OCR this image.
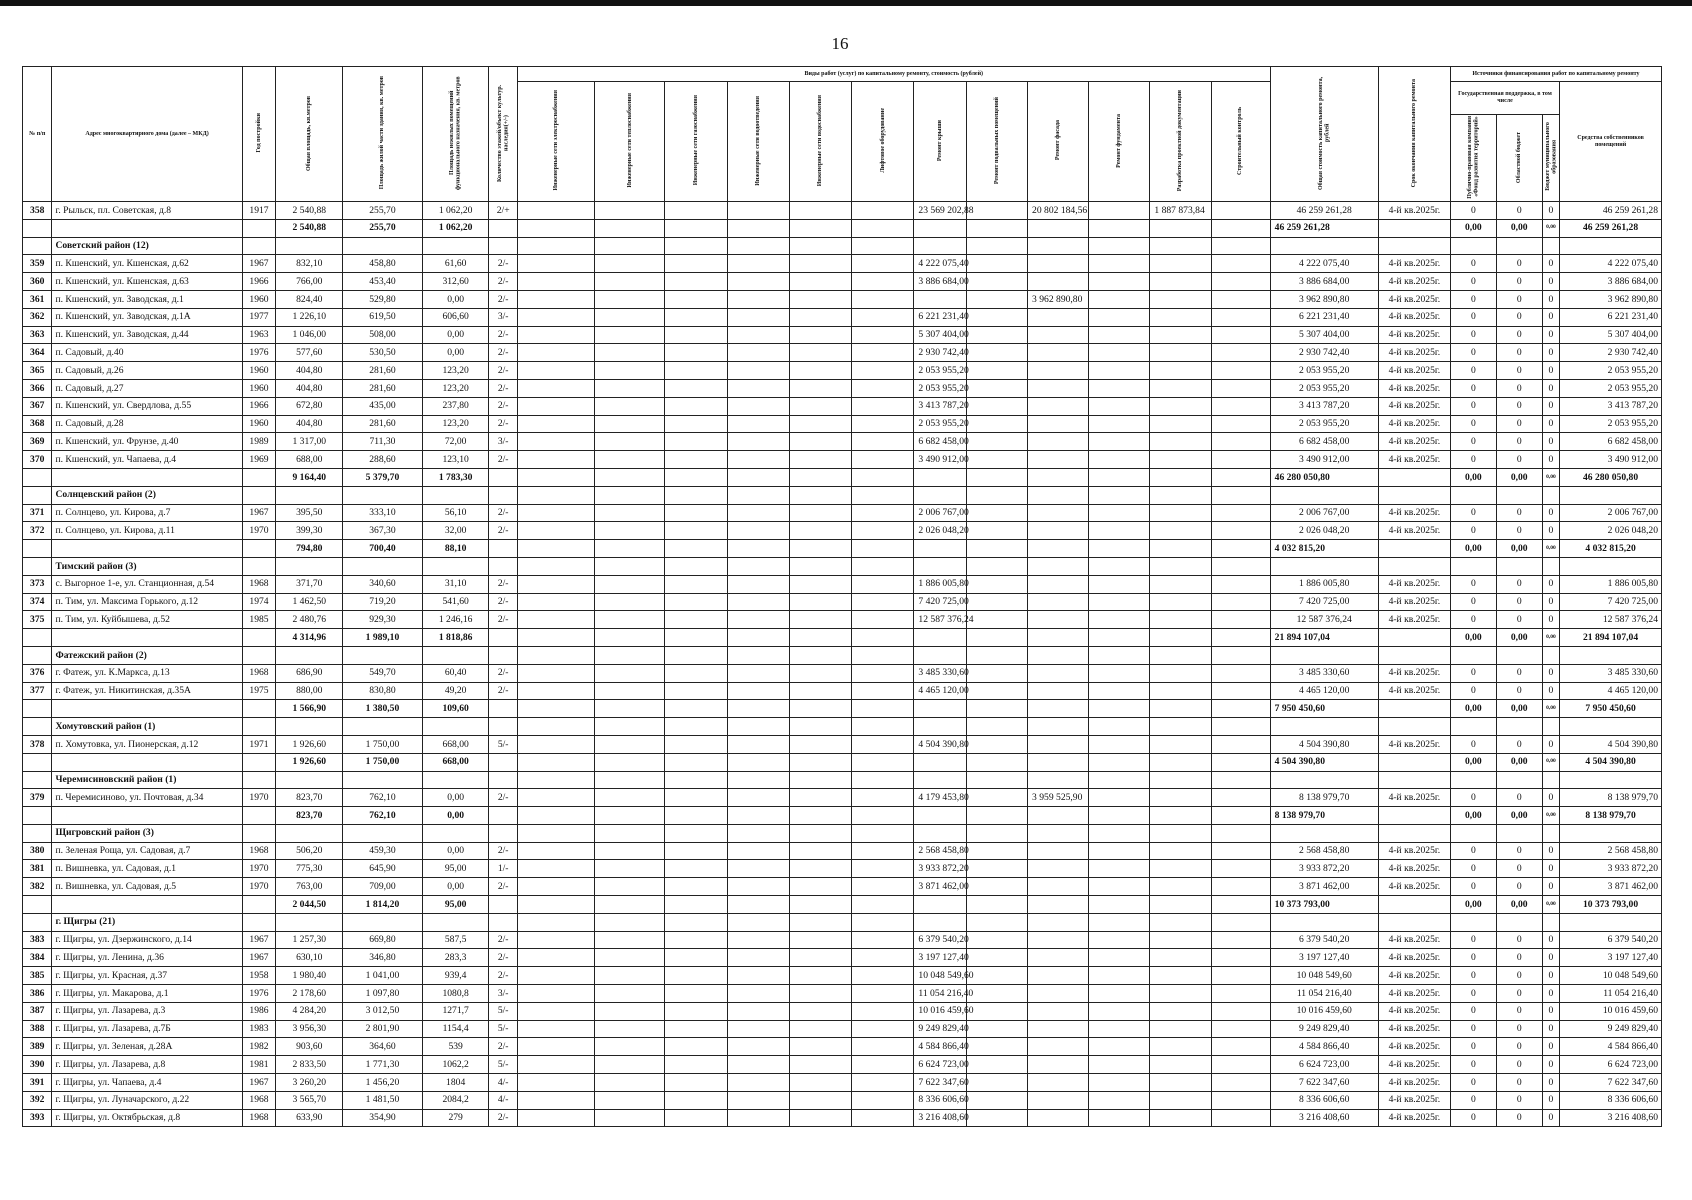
16
№ п/п	Адрес многоквартирного дома (далее – МКД)	Год постройки	Общая площадь, кв.метров	Площадь жилой части здания, кв. метров	Площадь нежилых помещений функционального назначения, кв. метров	Количество этажей/объект культур. наследия(+/-)	Виды работ (услуг) по капитальному ремонту, стоимость (рублей)												Общая стоимость капитального ремонта, рублей	Срок окончания капитального ремонта	Источники финансирования работ по капитальному ремонту			
							Инженерные сети электроснабжения	Инженерные сети теплоснабжения	Инженерные сети газоснабжения	Инженерные сети водоотведения	Инженерные сети водоснабжения	Лифтовое оборудование	Ремонт крыши	Ремонт подвальных помещений	Ремонт фасада	Ремонт фундамента	Разработка проектной документации	Строительный контроль			Государственная поддержка, в том числе			Средства собственников помещений
																					Публично-правовая компания «Фонд развития территорий»	Областной бюджет	Бюджет муниципального образования	
358	г. Рыльск, пл. Советская, д.8	1917	2 540,88	255,70	1 062,20	2/+							23 569 202,88		20 802 184,56		1 887 873,84		46 259 261,28	4-й кв.2025г.	0	0	0	46 259 261,28
			2 540,88	255,70	1 062,20														46 259 261,28		0,00	0,00	0,00	46 259 261,28
	Советский район (12)																							
359	п. Кшенский, ул. Кшенская, д.62	1967	832,10	458,80	61,60	2/-							4 222 075,40						4 222 075,40	4-й кв.2025г.	0	0	0	4 222 075,40
360	п. Кшенский, ул. Кшенская, д.63	1966	766,00	453,40	312,60	2/-							3 886 684,00						3 886 684,00	4-й кв.2025г.	0	0	0	3 886 684,00
361	п. Кшенский, ул. Заводская, д.1	1960	824,40	529,80	0,00	2/-									3 962 890,80				3 962 890,80	4-й кв.2025г.	0	0	0	3 962 890,80
362	п. Кшенский, ул. Заводская, д.1А	1977	1 226,10	619,50	606,60	3/-							6 221 231,40						6 221 231,40	4-й кв.2025г.	0	0	0	6 221 231,40
363	п. Кшенский, ул. Заводская, д.44	1963	1 046,00	508,00	0,00	2/-							5 307 404,00						5 307 404,00	4-й кв.2025г.	0	0	0	5 307 404,00
364	п. Садовый, д.40	1976	577,60	530,50	0,00	2/-							2 930 742,40						2 930 742,40	4-й кв.2025г.	0	0	0	2 930 742,40
365	п. Садовый, д.26	1960	404,80	281,60	123,20	2/-							2 053 955,20						2 053 955,20	4-й кв.2025г.	0	0	0	2 053 955,20
366	п. Садовый, д.27	1960	404,80	281,60	123,20	2/-							2 053 955,20						2 053 955,20	4-й кв.2025г.	0	0	0	2 053 955,20
367	п. Кшенский, ул. Свердлова, д.55	1966	672,80	435,00	237,80	2/-							3 413 787,20						3 413 787,20	4-й кв.2025г.	0	0	0	3 413 787,20
368	п. Садовый, д.28	1960	404,80	281,60	123,20	2/-							2 053 955,20						2 053 955,20	4-й кв.2025г.	0	0	0	2 053 955,20
369	п. Кшенский, ул. Фрунзе, д.40	1989	1 317,00	711,30	72,00	3/-							6 682 458,00						6 682 458,00	4-й кв.2025г.	0	0	0	6 682 458,00
370	п. Кшенский, ул. Чапаева, д.4	1969	688,00	288,60	123,10	2/-							3 490 912,00						3 490 912,00	4-й кв.2025г.	0	0	0	3 490 912,00
			9 164,40	5 379,70	1 783,30														46 280 050,80		0,00	0,00	0,00	46 280 050,80
	Солнцевский район (2)																							
371	п. Солнцево, ул. Кирова, д.7	1967	395,50	333,10	56,10	2/-							2 006 767,00						2 006 767,00	4-й кв.2025г.	0	0	0	2 006 767,00
372	п. Солнцево, ул. Кирова, д.11	1970	399,30	367,30	32,00	2/-							2 026 048,20						2 026 048,20	4-й кв.2025г.	0	0	0	2 026 048,20
			794,80	700,40	88,10														4 032 815,20		0,00	0,00	0,00	4 032 815,20
	Тимский район (3)																							
373	с. Выгорное 1-е, ул. Станционная, д.54	1968	371,70	340,60	31,10	2/-							1 886 005,80						1 886 005,80	4-й кв.2025г.	0	0	0	1 886 005,80
374	п. Тим, ул. Максима Горького, д.12	1974	1 462,50	719,20	541,60	2/-							7 420 725,00						7 420 725,00	4-й кв.2025г.	0	0	0	7 420 725,00
375	п. Тим, ул. Куйбышева, д.52	1985	2 480,76	929,30	1 246,16	2/-							12 587 376,24						12 587 376,24	4-й кв.2025г.	0	0	0	12 587 376,24
			4 314,96	1 989,10	1 818,86														21 894 107,04		0,00	0,00	0,00	21 894 107,04
	Фатежский район (2)																							
376	г. Фатеж, ул. К.Маркса, д.13	1968	686,90	549,70	60,40	2/-							3 485 330,60						3 485 330,60	4-й кв.2025г.	0	0	0	3 485 330,60
377	г. Фатеж, ул. Никитинская, д.35А	1975	880,00	830,80	49,20	2/-							4 465 120,00						4 465 120,00	4-й кв.2025г.	0	0	0	4 465 120,00
			1 566,90	1 380,50	109,60														7 950 450,60		0,00	0,00	0,00	7 950 450,60
	Хомутовский район (1)																							
378	п. Хомутовка, ул. Пионерская, д.12	1971	1 926,60	1 750,00	668,00	5/-							4 504 390,80						4 504 390,80	4-й кв.2025г.	0	0	0	4 504 390,80
			1 926,60	1 750,00	668,00														4 504 390,80		0,00	0,00	0,00	4 504 390,80
	Черемисиновский район (1)																							
379	п. Черемисиново, ул. Почтовая, д.34	1970	823,70	762,10	0,00	2/-							4 179 453,80		3 959 525,90				8 138 979,70	4-й кв.2025г.	0	0	0	8 138 979,70
			823,70	762,10	0,00														8 138 979,70		0,00	0,00	0,00	8 138 979,70
	Щигровский район (3)																							
380	п. Зеленая Роща, ул. Садовая, д.7	1968	506,20	459,30	0,00	2/-							2 568 458,80						2 568 458,80	4-й кв.2025г.	0	0	0	2 568 458,80
381	п. Вишневка, ул. Садовая, д.1	1970	775,30	645,90	95,00	1/-							3 933 872,20						3 933 872,20	4-й кв.2025г.	0	0	0	3 933 872,20
382	п. Вишневка, ул. Садовая, д.5	1970	763,00	709,00	0,00	2/-							3 871 462,00						3 871 462,00	4-й кв.2025г.	0	0	0	3 871 462,00
			2 044,50	1 814,20	95,00														10 373 793,00		0,00	0,00	0,00	10 373 793,00
	г. Щигры (21)																							
383	г. Щигры, ул. Дзержинского, д.14	1967	1 257,30	669,80	587,5	2/-							6 379 540,20						6 379 540,20	4-й кв.2025г.	0	0	0	6 379 540,20
384	г. Щигры, ул. Ленина, д.36	1967	630,10	346,80	283,3	2/-							3 197 127,40						3 197 127,40	4-й кв.2025г.	0	0	0	3 197 127,40
385	г. Щигры, ул. Красная, д.37	1958	1 980,40	1 041,00	939,4	2/-							10 048 549,60						10 048 549,60	4-й кв.2025г.	0	0	0	10 048 549,60
386	г. Щигры, ул. Макарова, д.1	1976	2 178,60	1 097,80	1080,8	3/-							11 054 216,40						11 054 216,40	4-й кв.2025г.	0	0	0	11 054 216,40
387	г. Щигры, ул. Лазарева, д.3	1986	4 284,20	3 012,50	1271,7	5/-							10 016 459,60						10 016 459,60	4-й кв.2025г.	0	0	0	10 016 459,60
388	г. Щигры, ул. Лазарева, д.7Б	1983	3 956,30	2 801,90	1154,4	5/-							9 249 829,40						9 249 829,40	4-й кв.2025г.	0	0	0	9 249 829,40
389	г. Щигры, ул. Зеленая, д.28А	1982	903,60	364,60	539	2/-							4 584 866,40						4 584 866,40	4-й кв.2025г.	0	0	0	4 584 866,40
390	г. Щигры, ул. Лазарева, д.8	1981	2 833,50	1 771,30	1062,2	5/-							6 624 723,00						6 624 723,00	4-й кв.2025г.	0	0	0	6 624 723,00
391	г. Щигры, ул. Чапаева, д.4	1967	3 260,20	1 456,20	1804	4/-							7 622 347,60						7 622 347,60	4-й кв.2025г.	0	0	0	7 622 347,60
392	г. Щигры, ул. Луначарского, д.22	1968	3 565,70	1 481,50	2084,2	4/-							8 336 606,60						8 336 606,60	4-й кв.2025г.	0	0	0	8 336 606,60
393	г. Щигры, ул. Октябрьская, д.8	1968	633,90	354,90	279	2/-							3 216 408,60						3 216 408,60	4-й кв.2025г.	0	0	0	3 216 408,60
